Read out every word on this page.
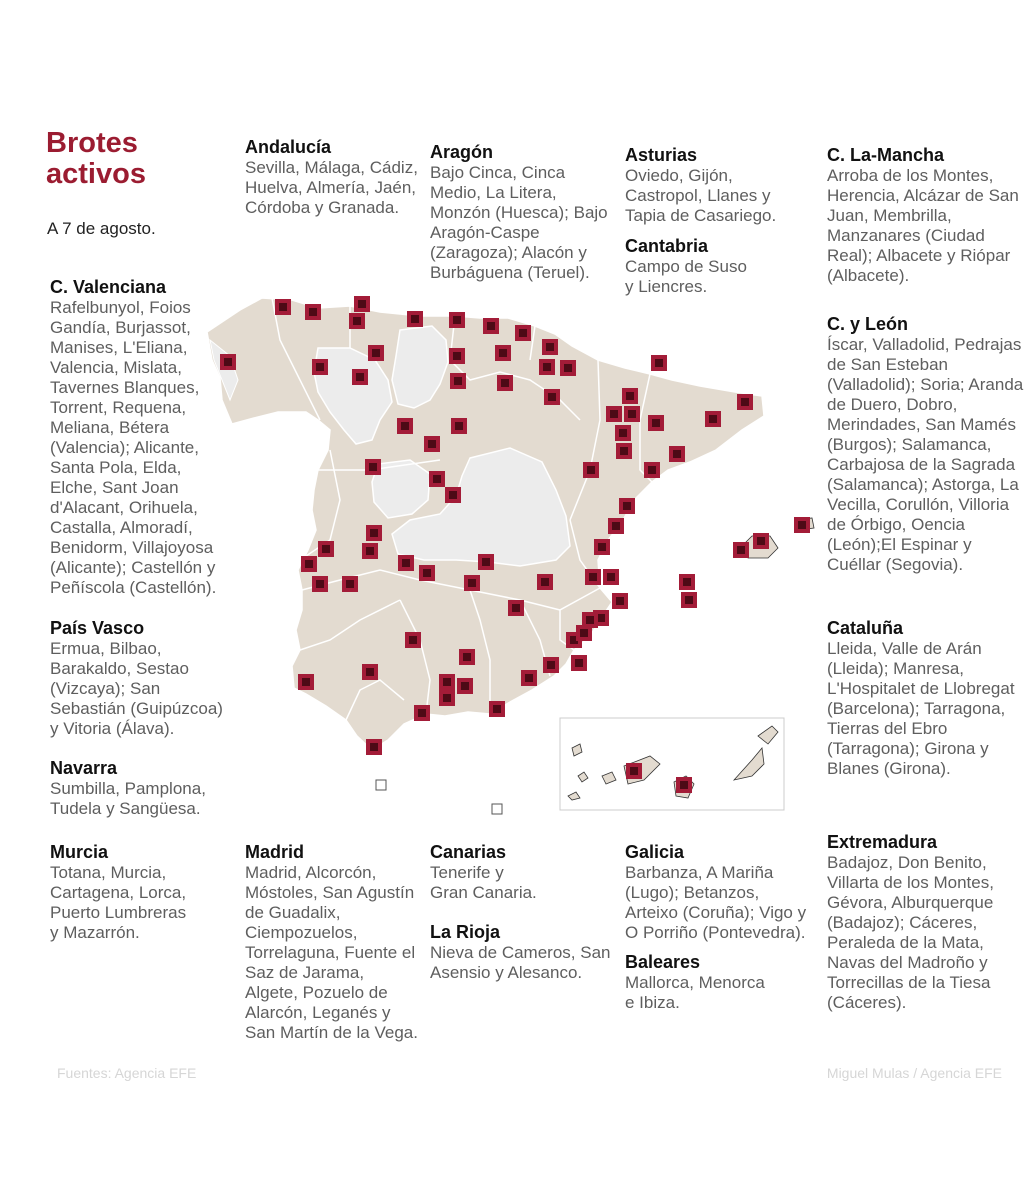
Brotes
activos
A 7 de agosto.
Andalucía
Sevilla, Málaga, Cádiz,
Huelva, Almería, Jaén,
Córdoba y Granada.
Aragón
Bajo Cinca, Cinca
Medio, La Litera,
Monzón (Huesca); Bajo
Aragón-Caspe
(Zaragoza); Alacón y
Burbáguena (Teruel).
Asturias
Oviedo, Gijón,
Castropol, Llanes y
Tapia de Casariego.
Cantabria
Campo de Suso
y Liencres.
C. La-Mancha
Arroba de los Montes,
Herencia, Alcázar de San
Juan, Membrilla,
Manzanares (Ciudad
Real); Albacete y Riópar
(Albacete).
C. y León
Íscar, Valladolid, Pedrajas
de San Esteban
(Valladolid); Soria; Aranda
de Duero, Dobro,
Merindades, San Mamés
(Burgos); Salamanca,
Carbajosa de la Sagrada
(Salamanca); Astorga, La
Vecilla, Corullón, Villoria
de Órbigo, Oencia
(León);El Espinar y
Cuéllar (Segovia).
C. Valenciana
Rafelbunyol, Foios
Gandía, Burjassot,
Manises, L'Eliana,
Valencia, Mislata,
Tavernes Blanques,
Torrent, Requena,
Meliana, Bétera
(Valencia); Alicante,
Santa Pola, Elda,
Elche, Sant Joan
d'Alacant, Orihuela,
Castalla, Almoradí,
Benidorm, Villajoyosa
(Alicante); Castellón y
Peñíscola (Castellón).
País Vasco
Ermua, Bilbao,
Barakaldo, Sestao
(Vizcaya); San
Sebastián (Guipúzcoa)
y Vitoria (Álava).
Navarra
Sumbilla, Pamplona,
Tudela y Sangüesa.
Cataluña
Lleida, Valle de Arán
(Lleida); Manresa,
L'Hospitalet de Llobregat
(Barcelona); Tarragona,
Tierras del Ebro
(Tarragona); Girona y
Blanes (Girona).
Murcia
Totana, Murcia,
Cartagena, Lorca,
Puerto Lumbreras
y Mazarrón.
Madrid
Madrid, Alcorcón,
Móstoles, San Agustín
de Guadalix,
Ciempozuelos,
Torrelaguna, Fuente el
Saz de Jarama,
Algete, Pozuelo de
Alarcón, Leganés y
San Martín de la Vega.
Canarias
Tenerife y
Gran Canaria.
La Rioja
Nieva de Cameros, San
Asensio y Alesanco.
Galicia
Barbanza, A Mariña
(Lugo); Betanzos,
Arteixo (Coruña); Vigo y
O Porriño (Pontevedra).
Baleares
Mallorca, Menorca
e Ibiza.
Extremadura
Badajoz, Don Benito,
Villarta de los Montes,
Gévora, Alburquerque
(Badajoz); Cáceres,
Peraleda de la Mata,
Navas del Madroño y
Torrecillas de la Tiesa
(Cáceres).
Fuentes: Agencia EFE	Miguel Mulas / Agencia EFE
